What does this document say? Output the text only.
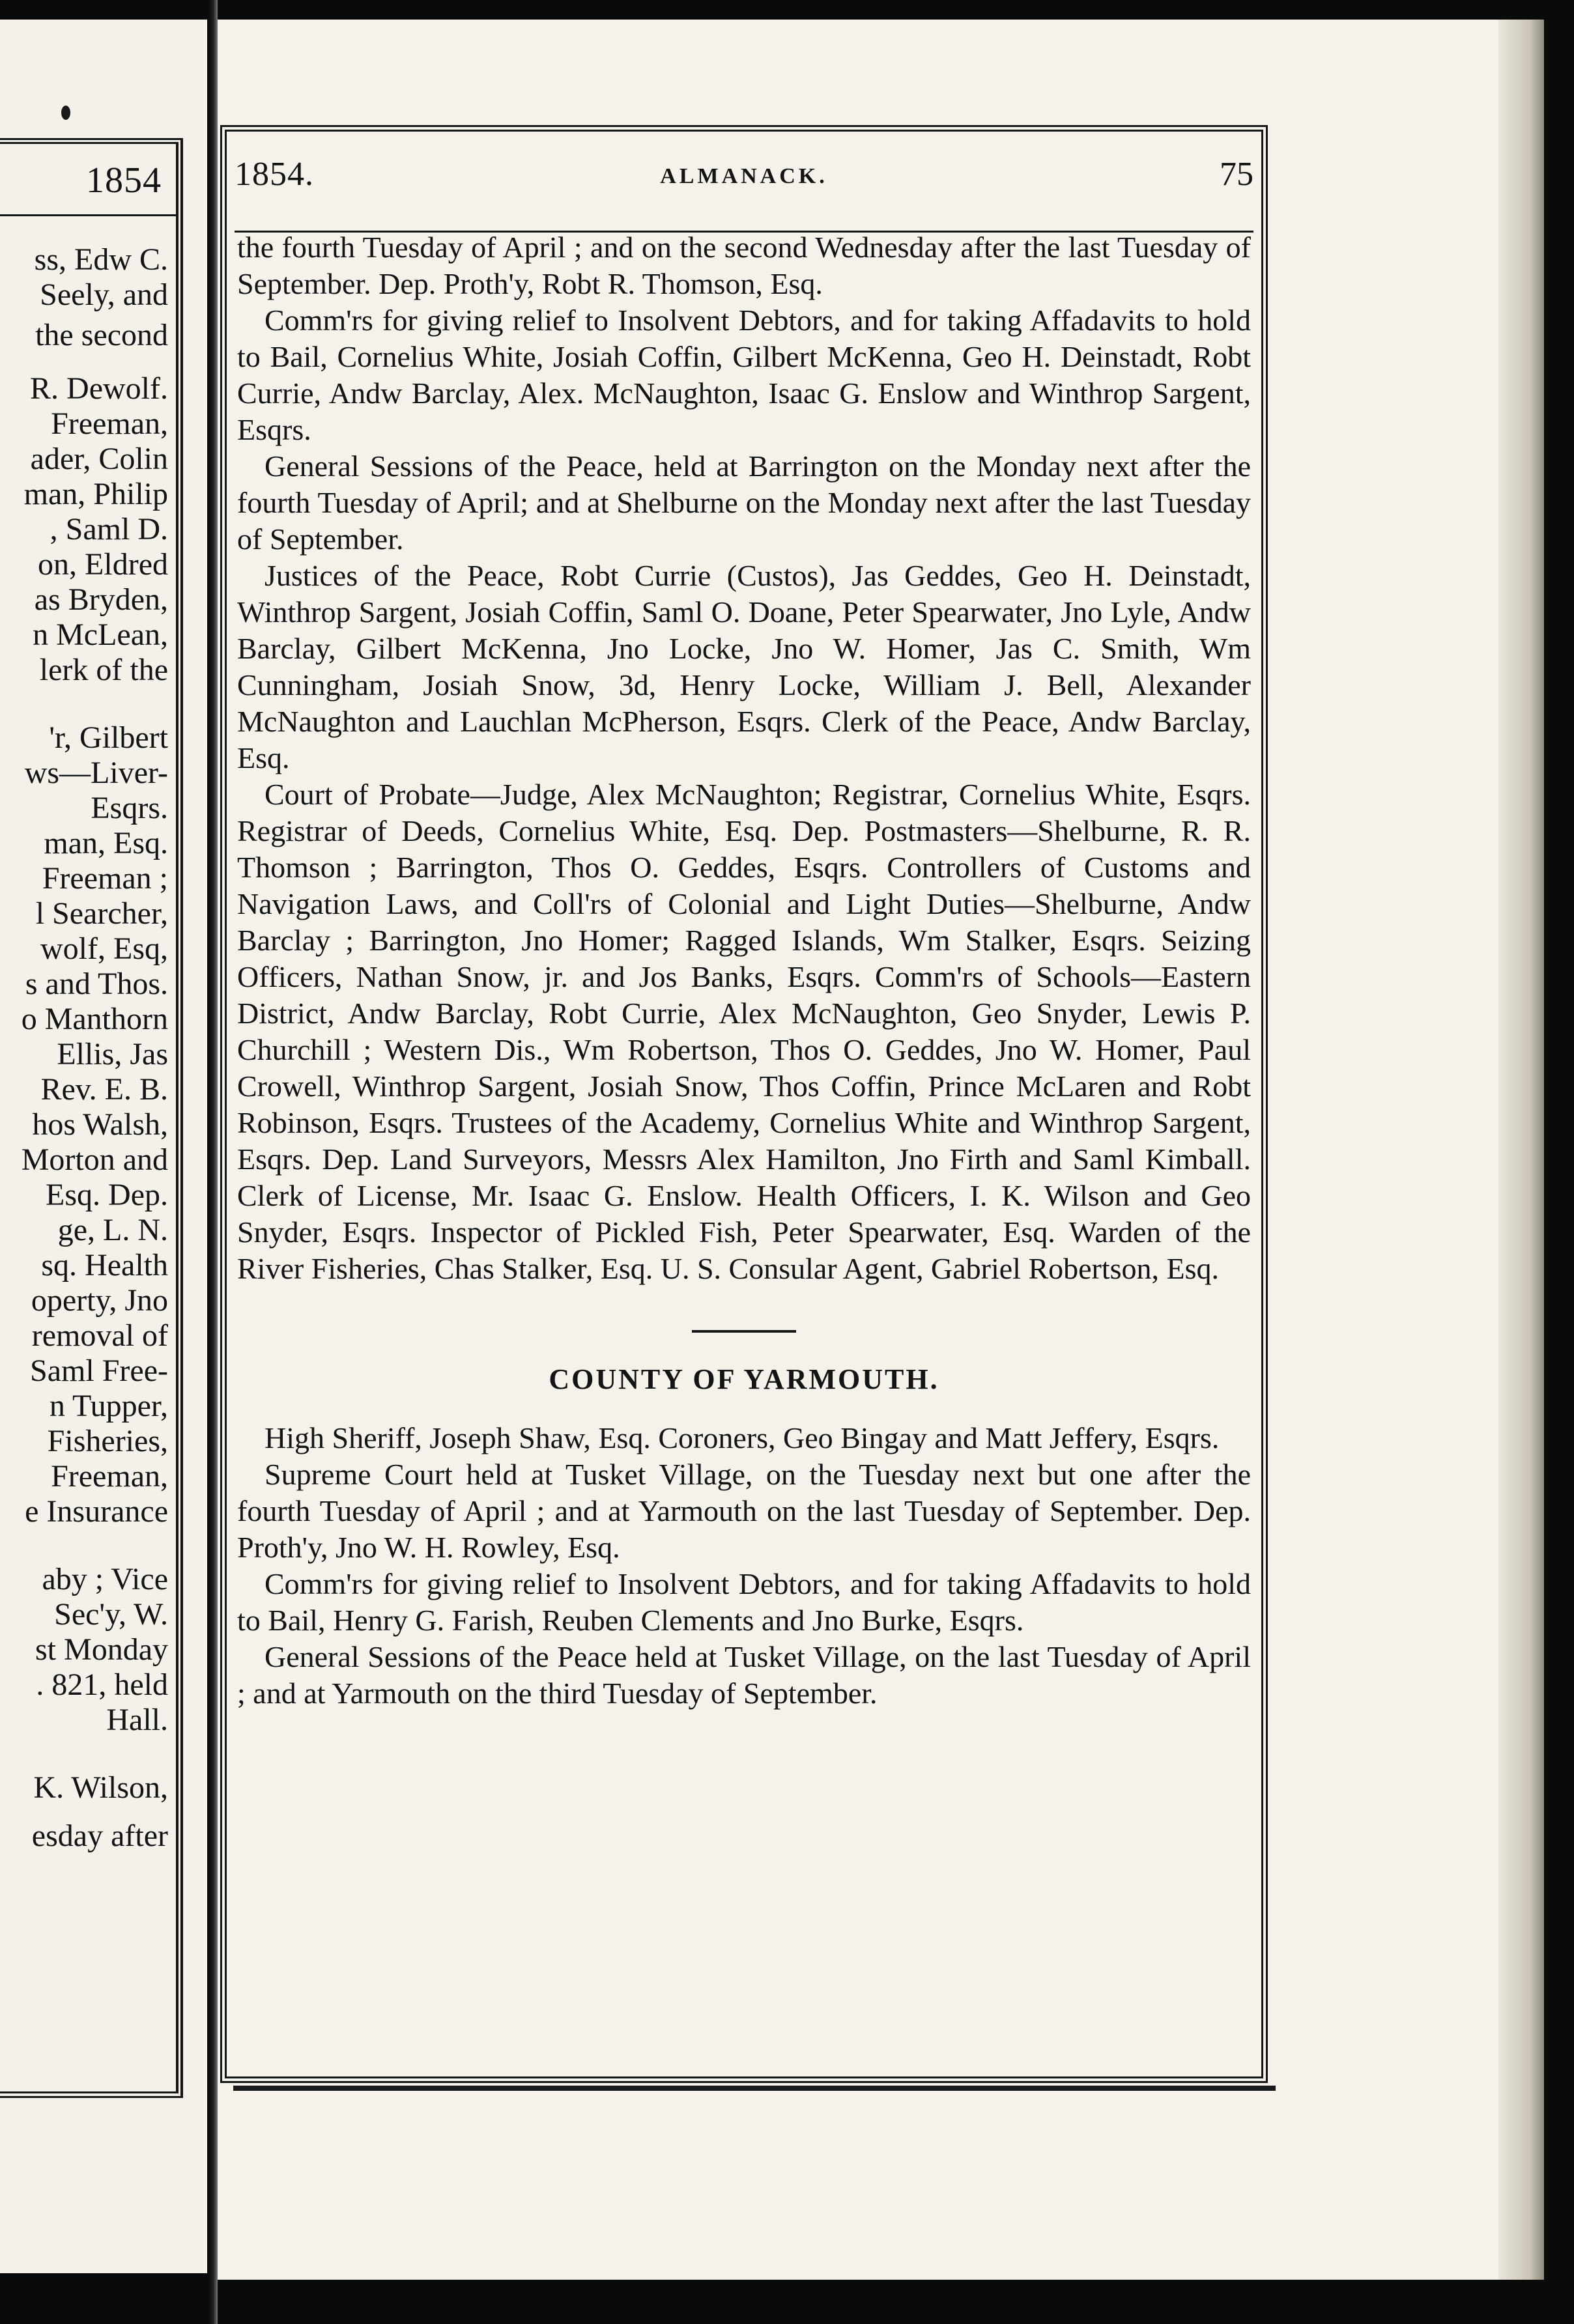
1854
ss, Edw C.
Seely, and
the second
R. Dewolf.
Freeman,
ader, Colin
man, Philip
, Saml D.
on, Eldred
as Bryden,
n McLean,
lerk of the
'r, Gilbert
ws—Liver-
Esqrs.
man, Esq.
Freeman ;
l Searcher,
wolf, Esq,
s and Thos.
o Manthorn
Ellis, Jas
Rev. E. B.
hos Walsh,
Morton and
Esq. Dep.
ge, L. N.
sq. Health
operty, Jno
removal of
Saml Free-
n Tupper,
Fisheries,
Freeman,
e Insurance
aby ; Vice
Sec'y, W.
st Monday
. 821, held
Hall.
K. Wilson,
esday after
1854.	ALMANACK.	75

the fourth Tuesday of April ; and on the second Wednesday after the last Tuesday of September. Dep. Proth'y, Robt R. Thomson, Esq.

Comm'rs for giving relief to Insolvent Debtors, and for taking Affadavits to hold to Bail, Cornelius White, Josiah Coffin, Gilbert McKenna, Geo H. Deinstadt, Robt Currie, Andw Barclay, Alex. McNaughton, Isaac G. Enslow and Winthrop Sargent, Esqrs.

General Sessions of the Peace, held at Barrington on the Monday next after the fourth Tuesday of April; and at Shelburne on the Monday next after the last Tuesday of September.

Justices of the Peace, Robt Currie (Custos), Jas Geddes, Geo H. Deinstadt, Winthrop Sargent, Josiah Coffin, Saml O. Doane, Peter Spearwater, Jno Lyle, Andw Barclay, Gilbert McKenna, Jno Locke, Jno W. Homer, Jas C. Smith, Wm Cunningham, Josiah Snow, 3d, Henry Locke, William J. Bell, Alexander McNaughton and Lauchlan McPherson, Esqrs. Clerk of the Peace, Andw Barclay, Esq.

Court of Probate—Judge, Alex McNaughton; Registrar, Cornelius White, Esqrs. Registrar of Deeds, Cornelius White, Esq. Dep. Postmasters—Shelburne, R. R. Thomson ; Barrington, Thos O. Geddes, Esqrs. Controllers of Customs and Navigation Laws, and Coll'rs of Colonial and Light Duties—Shelburne, Andw Barclay ; Barrington, Jno Homer; Ragged Islands, Wm Stalker, Esqrs. Seizing Officers, Nathan Snow, jr. and Jos Banks, Esqrs. Comm'rs of Schools—Eastern District, Andw Barclay, Robt Currie, Alex McNaughton, Geo Snyder, Lewis P. Churchill ; Western Dis., Wm Robertson, Thos O. Geddes, Jno W. Homer, Paul Crowell, Winthrop Sargent, Josiah Snow, Thos Coffin, Prince McLaren and Robt Robinson, Esqrs. Trustees of the Academy, Cornelius White and Winthrop Sargent, Esqrs. Dep. Land Surveyors, Messrs Alex Hamilton, Jno Firth and Saml Kimball. Clerk of License, Mr. Isaac G. Enslow. Health Officers, I. K. Wilson and Geo Snyder, Esqrs. Inspector of Pickled Fish, Peter Spearwater, Esq. Warden of the River Fisheries, Chas Stalker, Esq. U. S. Consular Agent, Gabriel Robertson, Esq.

COUNTY OF YARMOUTH.

High Sheriff, Joseph Shaw, Esq. Coroners, Geo Bingay and Matt Jeffery, Esqrs.

Supreme Court held at Tusket Village, on the Tuesday next but one after the fourth Tuesday of April ; and at Yarmouth on the last Tuesday of September. Dep. Proth'y, Jno W. H. Rowley, Esq.

Comm'rs for giving relief to Insolvent Debtors, and for taking Affadavits to hold to Bail, Henry G. Farish, Reuben Clements and Jno Burke, Esqrs.

General Sessions of the Peace held at Tusket Village, on the last Tuesday of April ; and at Yarmouth on the third Tuesday of September.
